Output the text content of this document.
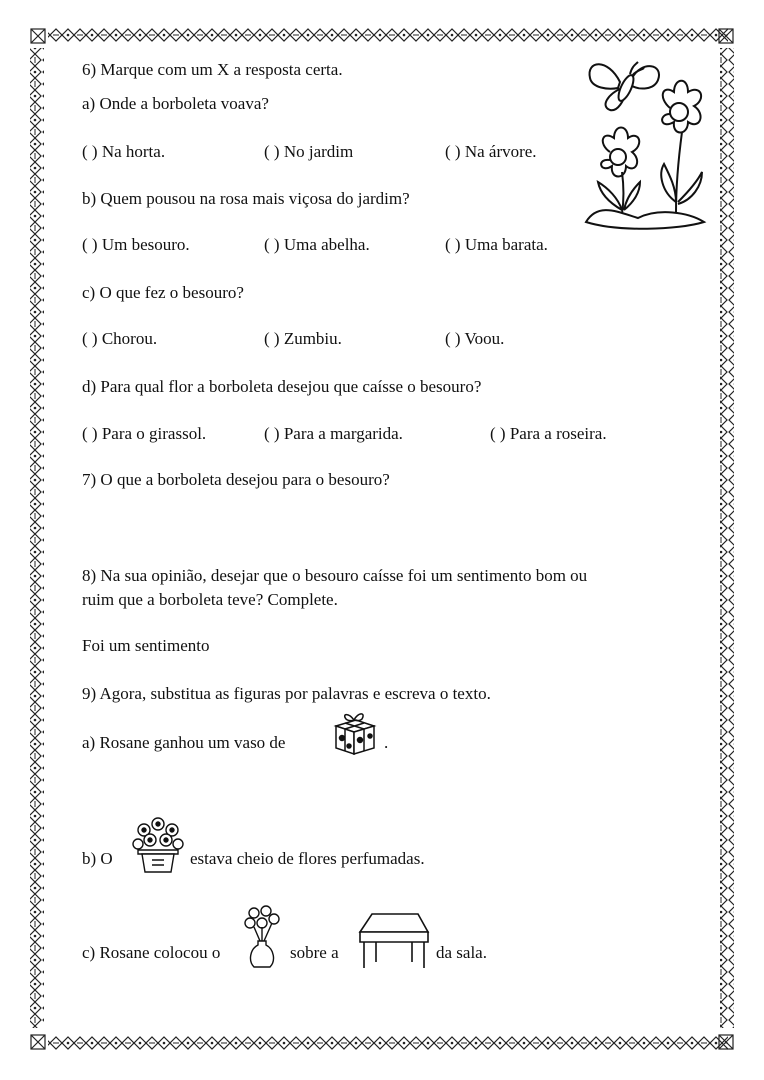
6) Marque com um X a resposta certa.
a) Onde a borboleta voava?
( ) Na horta.	( ) No jardim	( ) Na árvore.
b) Quem pousou na rosa mais viçosa do jardim?
( ) Um besouro.	( ) Uma abelha.	( ) Uma barata.
c) O que fez o besouro?
( ) Chorou.	( ) Zumbiu.	( ) Voou.
d) Para qual flor a borboleta desejou que caísse o besouro?
( ) Para o girassol.	( ) Para a margarida.	( ) Para a roseira.
7) O que a borboleta desejou para o besouro?
8) Na sua opinião, desejar que o besouro caísse foi um sentimento bom ou
ruim que a borboleta teve? Complete.
Foi um sentimento
9) Agora, substitua as figuras por palavras e escreva o texto.
a) Rosane ganhou um vaso de	.
b) O	estava cheio de flores perfumadas.
c) Rosane colocou o	sobre a	da sala.
